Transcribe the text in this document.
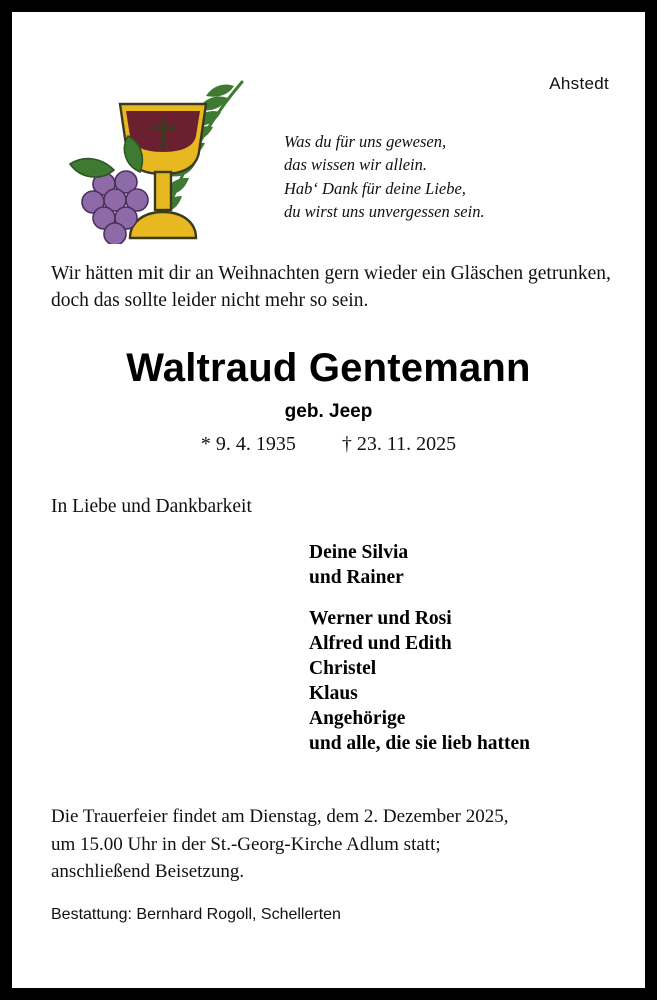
Ahstedt
Was du für uns gewesen,
das wissen wir allein.
Hab‘ Dank für deine Liebe,
du wirst uns unvergessen sein.
Wir hätten mit dir an Weihnachten gern wieder ein Gläschen getrunken, doch das sollte leider nicht mehr so sein.
Waltraud Gentemann
geb. Jeep
* 9. 4. 1935 † 23. 11. 2025
In Liebe und Dankbarkeit
Deine Silvia
und Rainer
Werner und Rosi
Alfred und Edith
Christel
Klaus
Angehörige
und alle, die sie lieb hatten
Die Trauerfeier findet am Dienstag, dem 2. Dezember 2025,
um 15.00 Uhr in der St.-Georg-Kirche Adlum statt;
anschließend Beisetzung.
Bestattung: Bernhard Rogoll, Schellerten
